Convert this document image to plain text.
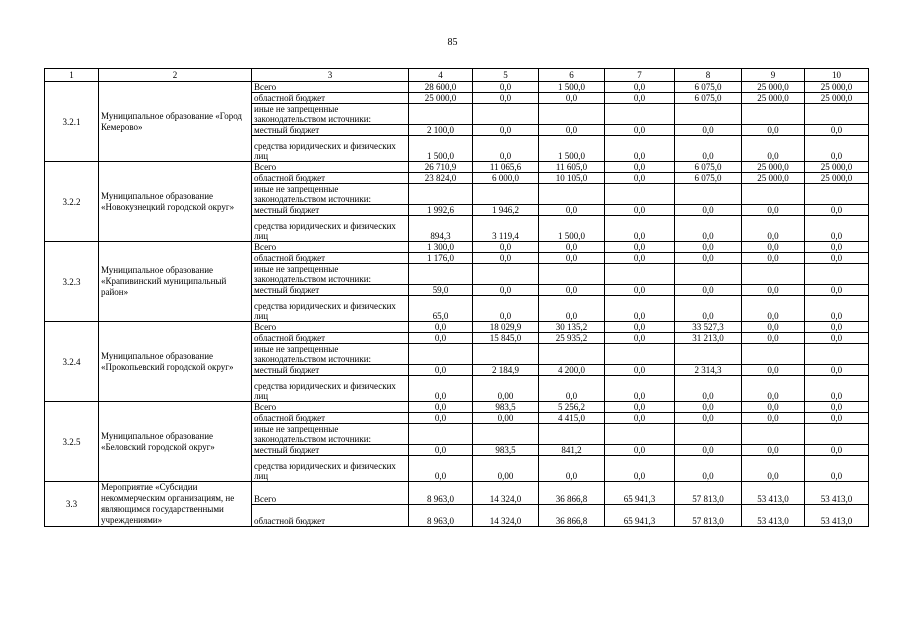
85
1	2	3	4	5	6	7	8	9	10
3.2.1	Муниципальное образование «Город Кемерово»	Всего	28 600,0	0,0	1 500,0	0,0	6 075,0	25 000,0	25 000,0
		областной бюджет	25 000,0	0,0	0,0	0,0	6 075,0	25 000,0	25 000,0
		иные не запрещенные законодательством источники:							
		местный бюджет	2 100,0	0,0	0,0	0,0	0,0	0,0	0,0
		средства юридических и физических лиц	1 500,0	0,0	1 500,0	0,0	0,0	0,0	0,0
3.2.2	Муниципальное образование «Новокузнецкий городской округ»	Всего	26 710,9	11 065,6	11 605,0	0,0	6 075,0	25 000,0	25 000,0
		областной бюджет	23 824,0	6 000,0	10 105,0	0,0	6 075,0	25 000,0	25 000,0
		иные не запрещенные законодательством источники:							
		местный бюджет	1 992,6	1 946,2	0,0	0,0	0,0	0,0	0,0
		средства юридических и физических лиц	894,3	3 119,4	1 500,0	0,0	0,0	0,0	0,0
3.2.3	Муниципальное образование «Крапивинский муниципальный район»	Всего	1 300,0	0,0	0,0	0,0	0,0	0,0	0,0
		областной бюджет	1 176,0	0,0	0,0	0,0	0,0	0,0	0,0
		иные не запрещенные законодательством источники:							
		местный бюджет	59,0	0,0	0,0	0,0	0,0	0,0	0,0
		средства юридических и физических лиц	65,0	0,0	0,0	0,0	0,0	0,0	0,0
3.2.4	Муниципальное образование «Прокопьевский городской округ»	Всего	0,0	18 029,9	30 135,2	0,0	33 527,3	0,0	0,0
		областной бюджет	0,0	15 845,0	25 935,2	0,0	31 213,0	0,0	0,0
		иные не запрещенные законодательством источники:							
		местный бюджет	0,0	2 184,9	4 200,0	0,0	2 314,3	0,0	0,0
		средства юридических и физических лиц	0,0	0,00	0,0	0,0	0,0	0,0	0,0
3.2.5	Муниципальное образование «Беловский городской округ»	Всего	0,0	983,5	5 256,2	0,0	0,0	0,0	0,0
		областной бюджет	0,0	0,00	4 415,0	0,0	0,0	0,0	0,0
		иные не запрещенные законодательством источники:							
		местный бюджет	0,0	983,5	841,2	0,0	0,0	0,0	0,0
		средства юридических и физических лиц	0,0	0,00	0,0	0,0	0,0	0,0	0,0
3.3	Мероприятие «Субсидии некоммерческим организациям, не являющимся государственными учреждениями»	Всего	8 963,0	14 324,0	36 866,8	65 941,3	57 813,0	53 413,0	53 413,0
		областной бюджет	8 963,0	14 324,0	36 866,8	65 941,3	57 813,0	53 413,0	53 413,0
